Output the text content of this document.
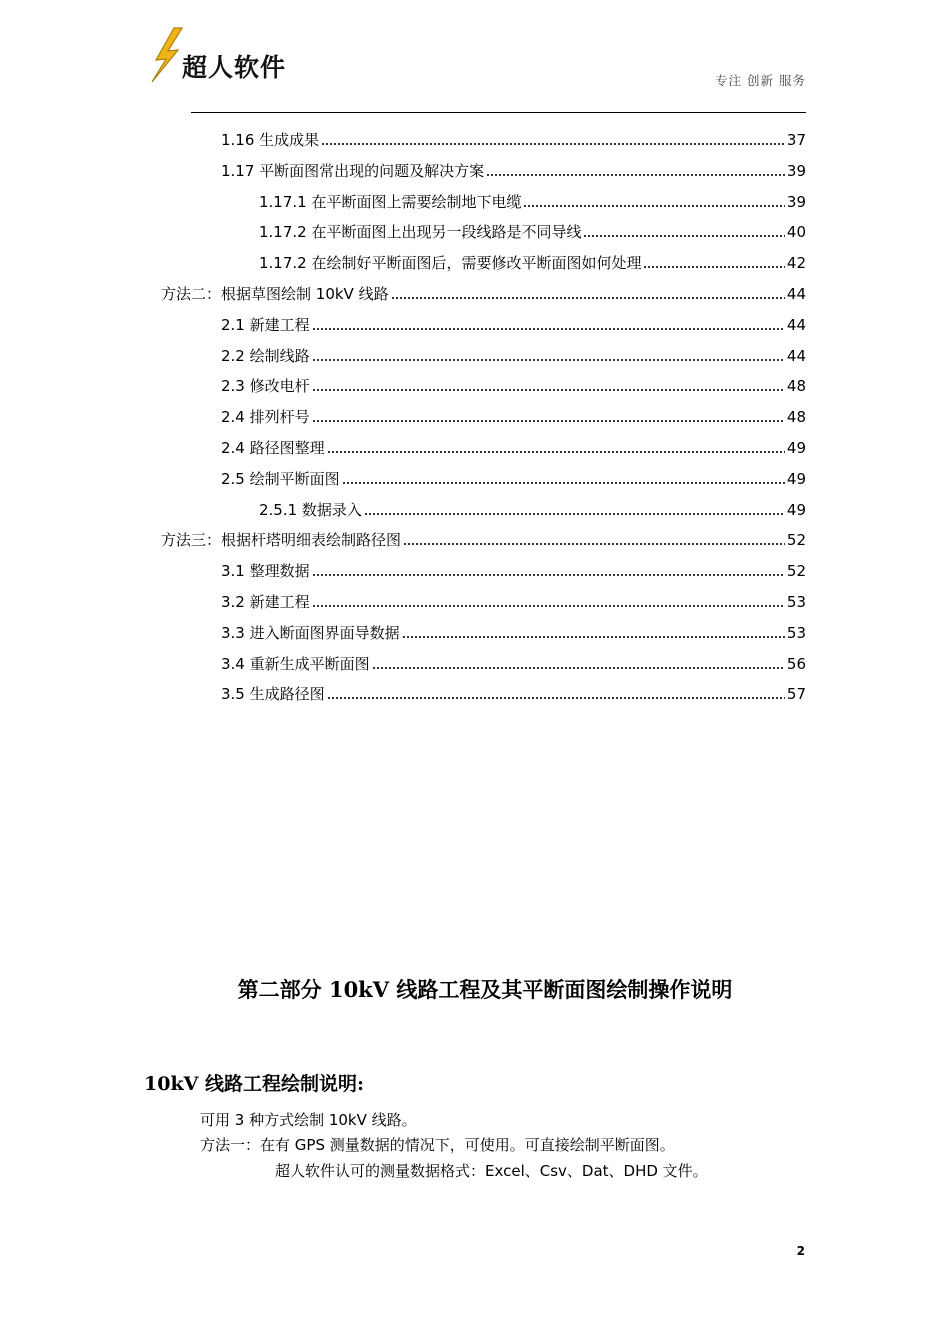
超人软件	专注 创新 服务
1.16 生成成果	37
1.17 平断面图常出现的问题及解决方案	39
1.17.1 在平断面图上需要绘制地下电缆	39
1.17.2 在平断面图上出现另一段线路是不同导线	40
1.17.2 在绘制好平断面图后，需要修改平断面图如何处理	42
方法二：根据草图绘制 10kV 线路	44
2.1 新建工程	44
2.2 绘制线路	44
2.3 修改电杆	48
2.4 排列杆号	48
2.4 路径图整理	49
2.5 绘制平断面图	49
2.5.1 数据录入	49
方法三：根据杆塔明细表绘制路径图	52
3.1 整理数据	52
3.2 新建工程	53
3.3 进入断面图界面导数据	53
3.4 重新生成平断面图	56
3.5 生成路径图	57
第二部分 10kV 线路工程及其平断面图绘制操作说明
10kV 线路工程绘制说明:
可用 3 种方式绘制 10kV 线路。
方法一：在有 GPS 测量数据的情况下，可使用。可直接绘制平断面图。
超人软件认可的测量数据格式：Excel、Csv、Dat、DHD 文件。
2
